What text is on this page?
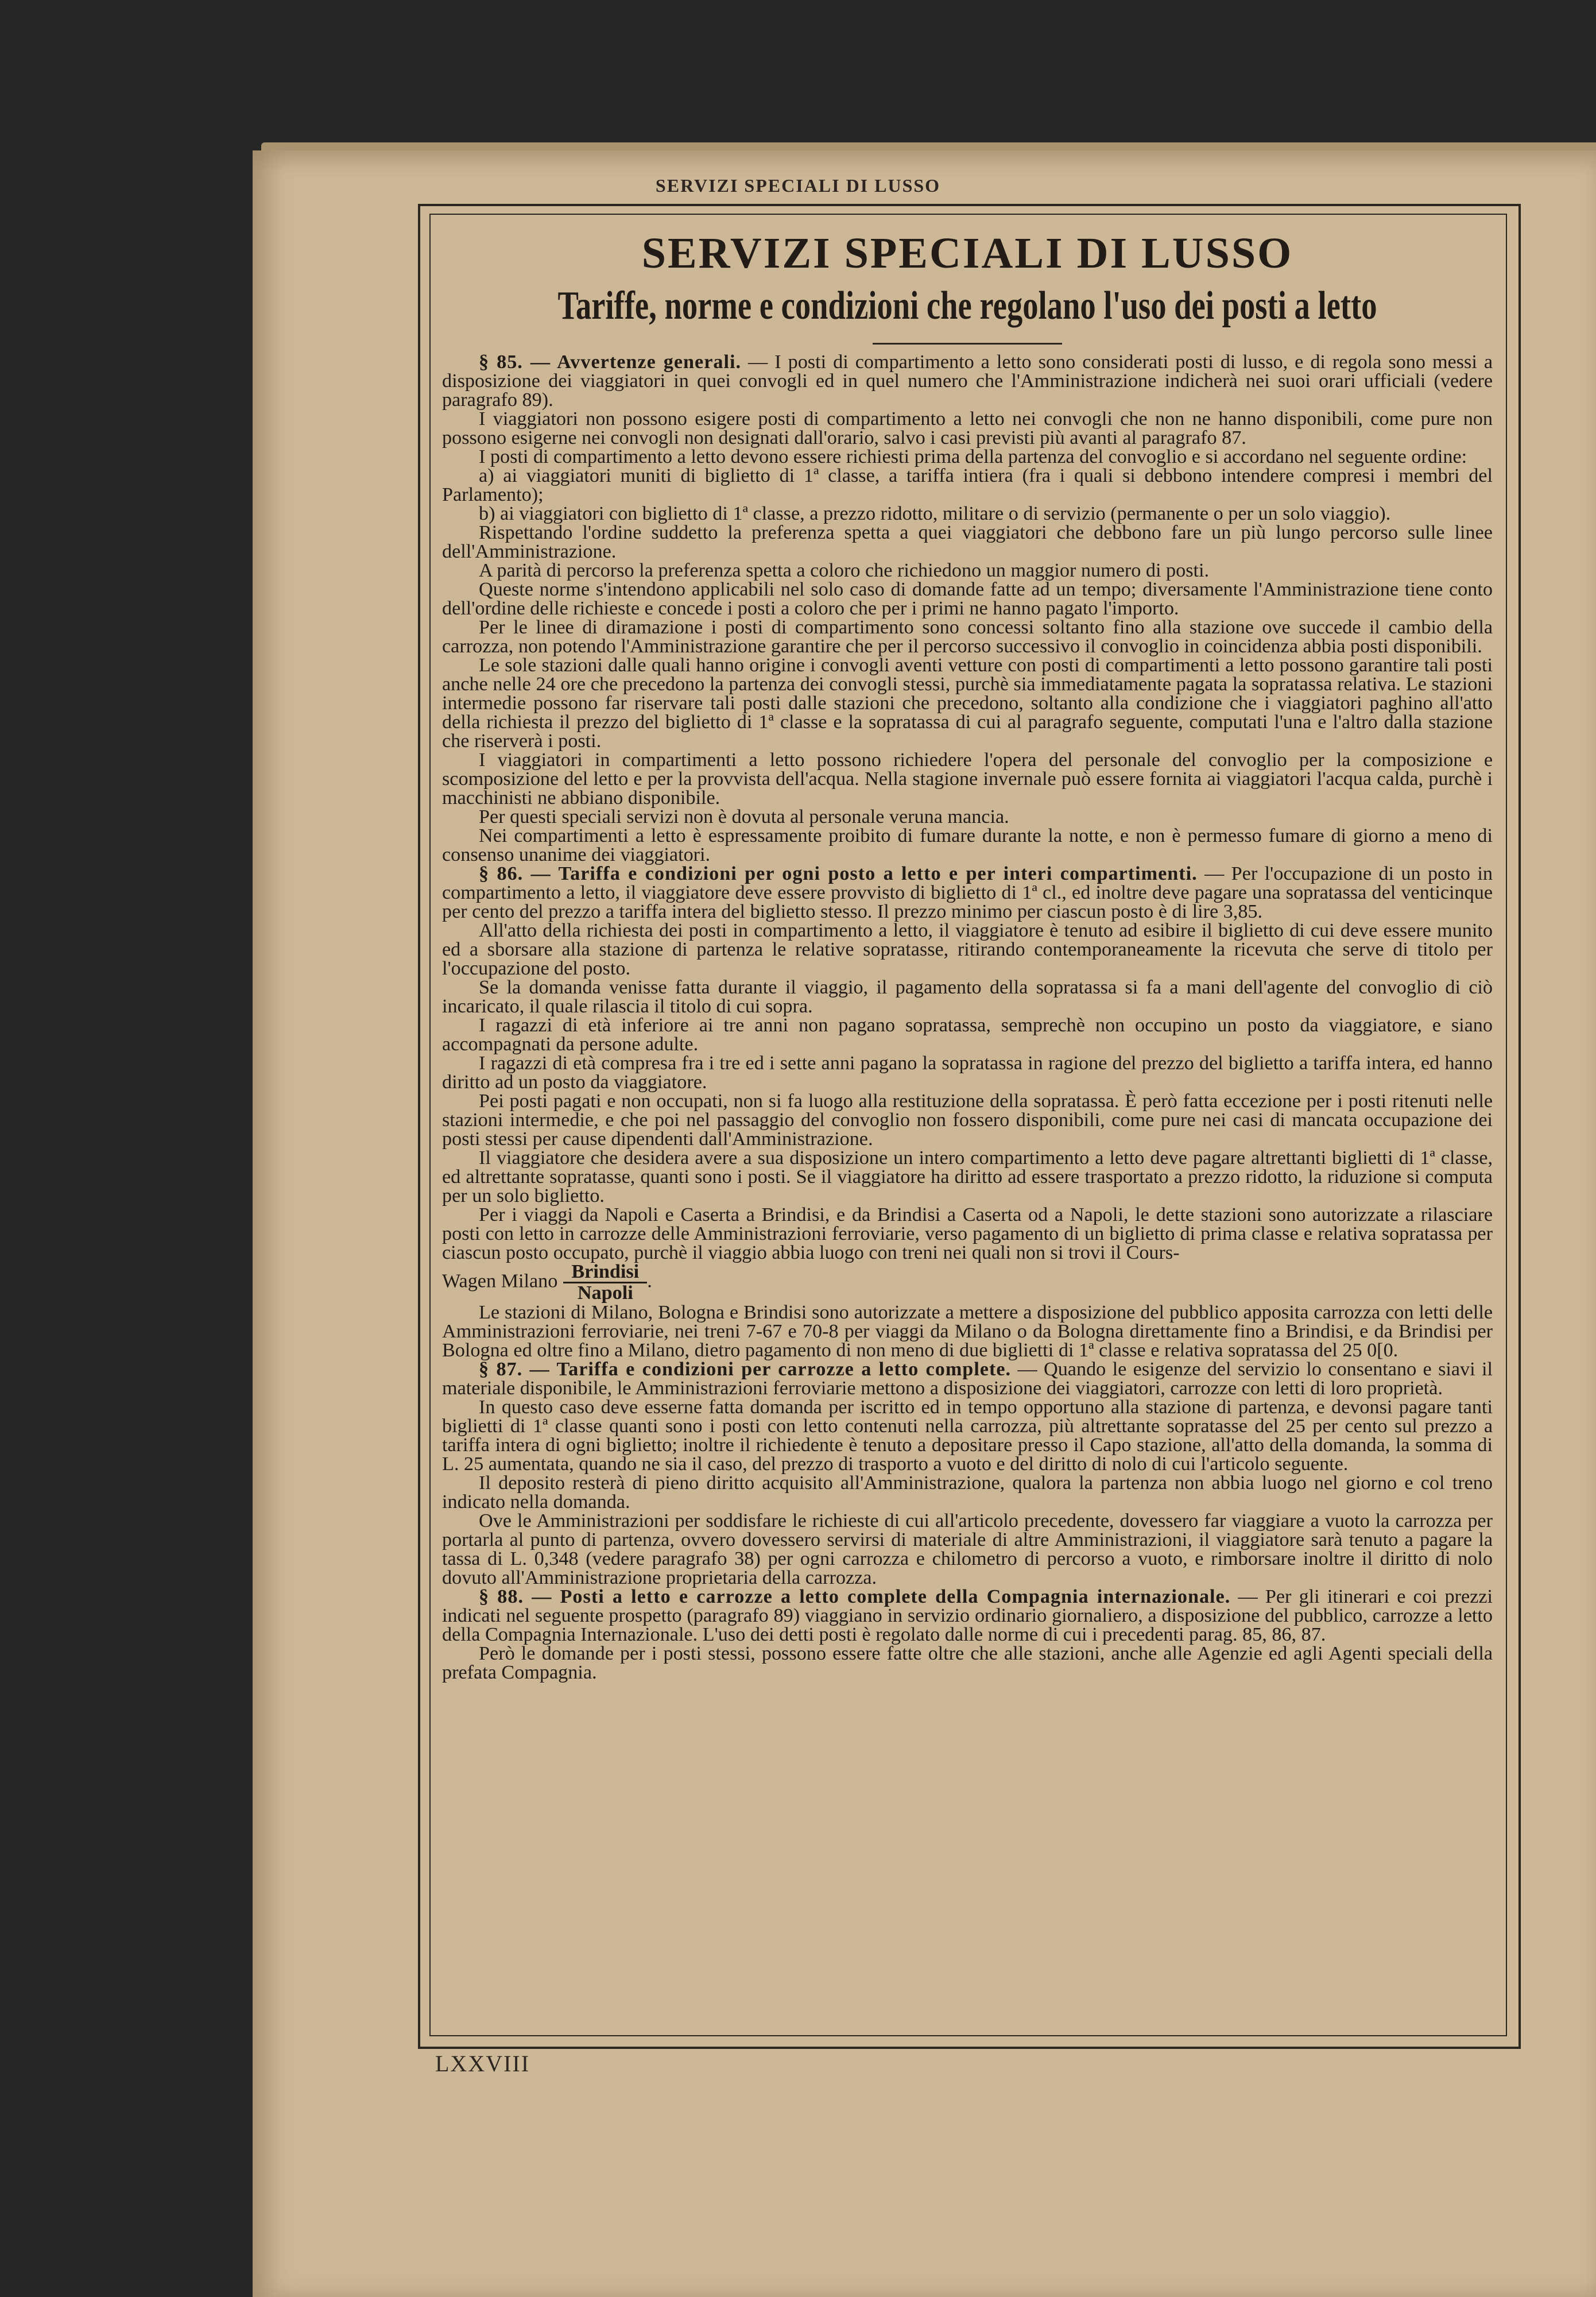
SERVIZI SPECIALI DI LUSSO
SERVIZI SPECIALI DI LUSSO
Tariffe, norme e condizioni che regolano l'uso dei posti a letto

§ 85. — Avvertenze generali. — I posti di compartimento a letto sono considerati posti di lusso, e di regola sono messi a disposizione dei viaggiatori in quei convogli ed in quel numero che l'Amministrazione indicherà nei suoi orari ufficiali (vedere paragrafo 89).

I viaggiatori non possono esigere posti di compartimento a letto nei convogli che non ne hanno disponibili, come pure non possono esigerne nei convogli non designati dall'orario, salvo i casi previsti più avanti al paragrafo 87.

I posti di compartimento a letto devono essere richiesti prima della partenza del convoglio e si accordano nel seguente ordine:

a) ai viaggiatori muniti di biglietto di 1ª classe, a tariffa intiera (fra i quali si debbono intendere compresi i membri del Parlamento);

b) ai viaggiatori con biglietto di 1ª classe, a prezzo ridotto, militare o di servizio (permanente o per un solo viaggio).

Rispettando l'ordine suddetto la preferenza spetta a quei viaggiatori che debbono fare un più lungo percorso sulle linee dell'Amministrazione.

A parità di percorso la preferenza spetta a coloro che richiedono un maggior numero di posti.

Queste norme s'intendono applicabili nel solo caso di domande fatte ad un tempo; diversamente l'Amministrazione tiene conto dell'ordine delle richieste e concede i posti a coloro che per i primi ne hanno pagato l'importo.

Per le linee di diramazione i posti di compartimento sono concessi soltanto fino alla stazione ove succede il cambio della carrozza, non potendo l'Amministrazione garantire che per il percorso successivo il convoglio in coincidenza abbia posti disponibili.

Le sole stazioni dalle quali hanno origine i convogli aventi vetture con posti di compartimenti a letto possono garantire tali posti anche nelle 24 ore che precedono la partenza dei convogli stessi, purchè sia immediatamente pagata la sopratassa relativa. Le stazioni intermedie possono far riservare tali posti dalle stazioni che precedono, soltanto alla condizione che i viaggiatori paghino all'atto della richiesta il prezzo del biglietto di 1ª classe e la sopratassa di cui al paragrafo seguente, computati l'una e l'altro dalla stazione che riserverà i posti.

I viaggiatori in compartimenti a letto possono richiedere l'opera del personale del convoglio per la composizione e scomposizione del letto e per la provvista dell'acqua. Nella stagione invernale può essere fornita ai viaggiatori l'acqua calda, purchè i macchinisti ne abbiano disponibile.

Per questi speciali servizi non è dovuta al personale veruna mancia.

Nei compartimenti a letto è espressamente proibito di fumare durante la notte, e non è permesso fumare di giorno a meno di consenso unanime dei viaggiatori.

§ 86. — Tariffa e condizioni per ogni posto a letto e per interi compartimenti. — Per l'occupazione di un posto in compartimento a letto, il viaggiatore deve essere provvisto di biglietto di 1ª cl., ed inoltre deve pagare una sopratassa del venticinque per cento del prezzo a tariffa intera del biglietto stesso. Il prezzo minimo per ciascun posto è di lire 3,85.

All'atto della richiesta dei posti in compartimento a letto, il viaggiatore è tenuto ad esibire il biglietto di cui deve essere munito ed a sborsare alla stazione di partenza le relative sopratasse, ritirando contemporaneamente la ricevuta che serve di titolo per l'occupazione del posto.

Se la domanda venisse fatta durante il viaggio, il pagamento della sopratassa si fa a mani dell'agente del convoglio di ciò incaricato, il quale rilascia il titolo di cui sopra.

I ragazzi di età inferiore ai tre anni non pagano sopratassa, semprechè non occupino un posto da viaggiatore, e siano accompagnati da persone adulte.

I ragazzi di età compresa fra i tre ed i sette anni pagano la sopratassa in ragione del prezzo del biglietto a tariffa intera, ed hanno diritto ad un posto da viaggiatore.

Pei posti pagati e non occupati, non si fa luogo alla restituzione della sopratassa. È però fatta eccezione per i posti ritenuti nelle stazioni intermedie, e che poi nel passaggio del convoglio non fossero disponibili, come pure nei casi di mancata occupazione dei posti stessi per cause dipendenti dall'Amministrazione.

Il viaggiatore che desidera avere a sua disposizione un intero compartimento a letto deve pagare altrettanti biglietti di 1ª classe, ed altrettante sopratasse, quanti sono i posti. Se il viaggiatore ha diritto ad essere trasportato a prezzo ridotto, la riduzione si computa per un solo biglietto.

Per i viaggi da Napoli e Caserta a Brindisi, e da Brindisi a Caserta od a Napoli, le dette stazioni sono autorizzate a rilasciare posti con letto in carrozze delle Amministrazioni ferroviarie, verso pagamento di un biglietto di prima classe e relativa sopratassa per ciascun posto occupato, purchè il viaggio abbia luogo con treni nei quali non si trovi il Cours-

Wagen Milano $\frac{\text{Brindisi}}{\text{Napoli}}$ .

Le stazioni di Milano, Bologna e Brindisi sono autorizzate a mettere a disposizione del pubblico apposita carrozza con letti delle Amministrazioni ferroviarie, nei treni 7-67 e 70-8 per viaggi da Milano o da Bologna direttamente fino a Brindisi, e da Brindisi per Bologna ed oltre fino a Milano, dietro pagamento di non meno di due biglietti di 1ª classe e relativa sopratassa del 25 0[0.

§ 87. — Tariffa e condizioni per carrozze a letto complete. — Quando le esigenze del servizio lo consentano e siavi il materiale disponibile, le Amministrazioni ferroviarie mettono a disposizione dei viaggiatori, carrozze con letti di loro proprietà.

In questo caso deve esserne fatta domanda per iscritto ed in tempo opportuno alla stazione di partenza, e devonsi pagare tanti biglietti di 1ª classe quanti sono i posti con letto contenuti nella carrozza, più altrettante sopratasse del 25 per cento sul prezzo a tariffa intera di ogni biglietto; inoltre il richiedente è tenuto a depositare presso il Capo stazione, all'atto della domanda, la somma di L. 25 aumentata, quando ne sia il caso, del prezzo di trasporto a vuoto e del diritto di nolo di cui l'articolo seguente.

Il deposito resterà di pieno diritto acquisito all'Amministrazione, qualora la partenza non abbia luogo nel giorno e col treno indicato nella domanda.

Ove le Amministrazioni per soddisfare le richieste di cui all'articolo precedente, dovessero far viaggiare a vuoto la carrozza per portarla al punto di partenza, ovvero dovessero servirsi di materiale di altre Amministrazioni, il viaggiatore sarà tenuto a pagare la tassa di L. 0,348 (vedere paragrafo 38) per ogni carrozza e chilometro di percorso a vuoto, e rimborsare inoltre il diritto di nolo dovuto all'Amministrazione proprietaria della carrozza.

§ 88. — Posti a letto e carrozze a letto complete della Compagnia internazionale. — Per gli itinerari e coi prezzi indicati nel seguente prospetto (paragrafo 89) viaggiano in servizio ordinario giornaliero, a disposizione del pubblico, carrozze a letto della Compagnia Internazionale. L'uso dei detti posti è regolato dalle norme di cui i precedenti parag. 85, 86, 87.

Però le domande per i posti stessi, possono essere fatte oltre che alle stazioni, anche alle Agenzie ed agli Agenti speciali della prefata Compagnia.

LXXVIII
